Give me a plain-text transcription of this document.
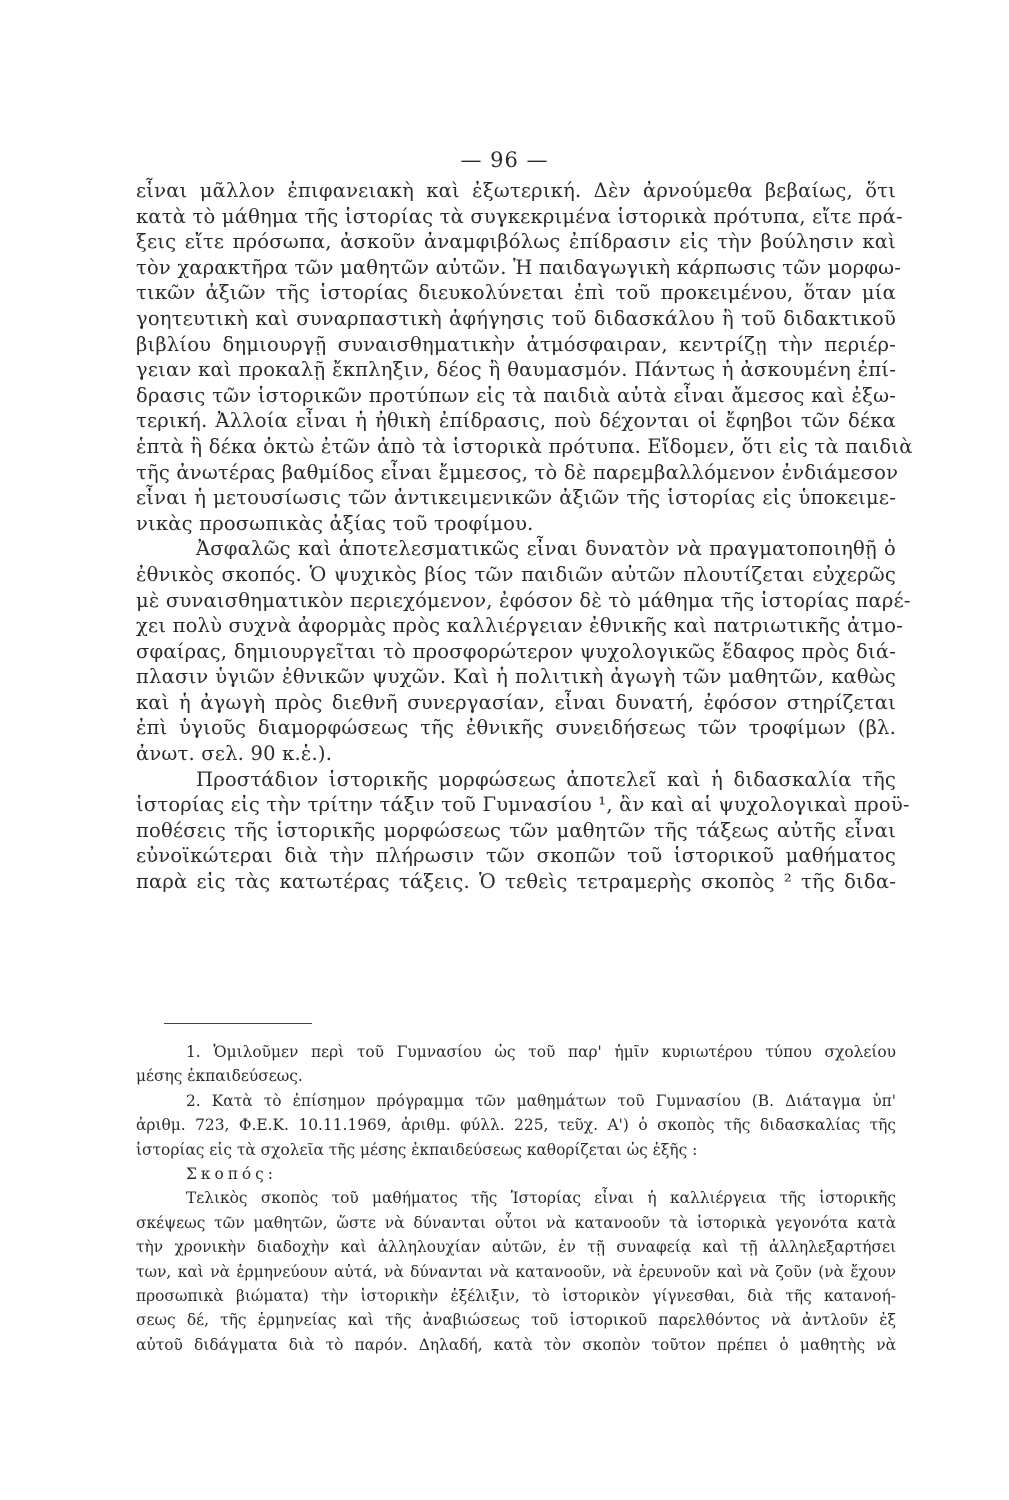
— 96 —
εἶναι μᾶλλον ἐπιφανειακὴ καὶ ἐξωτερική. Δὲν ἀρνούμεθα βεβαίως, ὅτι
κατὰ τὸ μάθημα τῆς ἱστορίας τὰ συγκεκριμένα ἱστορικὰ πρότυπα, εἴτε πρά-
ξεις εἴτε πρόσωπα, ἀσκοῦν ἀναμφιβόλως ἐπίδρασιν εἰς τὴν βούλησιν καὶ
τὸν χαρακτῆρα τῶν μαθητῶν αὐτῶν. Ἡ παιδαγωγικὴ κάρπωσις τῶν μορφω-
τικῶν ἀξιῶν τῆς ἱστορίας διευκολύνεται ἐπὶ τοῦ προκειμένου, ὅταν μία
γοητευτικὴ καὶ συναρπαστικὴ ἀφήγησις τοῦ διδασκάλου ἢ τοῦ διδακτικοῦ
βιβλίου δημιουργῇ συναισθηματικὴν ἀτμόσφαιραν, κεντρίζῃ τὴν περιέρ-
γειαν καὶ προκαλῇ ἔκπληξιν, δέος ἢ θαυμασμόν. Πάντως ἡ ἀσκουμένη ἐπί-
δρασις τῶν ἱστορικῶν προτύπων εἰς τὰ παιδιὰ αὐτὰ εἶναι ἄμεσος καὶ ἐξω-
τερική. Ἀλλοία εἶναι ἡ ἠθικὴ ἐπίδρασις, ποὺ δέχονται οἱ ἔφηβοι τῶν δέκα
ἑπτὰ ἢ δέκα ὀκτὼ ἐτῶν ἀπὸ τὰ ἱστορικὰ πρότυπα. Εἴδομεν, ὅτι εἰς τὰ παιδιὰ
τῆς ἀνωτέρας βαθμίδος εἶναι ἔμμεσος, τὸ δὲ παρεμβαλλόμενον ἐνδιάμεσον
εἶναι ἡ μετουσίωσις τῶν ἀντικειμενικῶν ἀξιῶν τῆς ἱστορίας εἰς ὑποκειμε-
νικὰς προσωπικὰς ἀξίας τοῦ τροφίμου.
Ἀσφαλῶς καὶ ἀποτελεσματικῶς εἶναι δυνατὸν νὰ πραγματοποιηθῇ ὁ
ἐθνικὸς σκοπός. Ὁ ψυχικὸς βίος τῶν παιδιῶν αὐτῶν πλουτίζεται εὐχερῶς
μὲ συναισθηματικὸν περιεχόμενον, ἐφόσον δὲ τὸ μάθημα τῆς ἱστορίας παρέ-
χει πολὺ συχνὰ ἀφορμὰς πρὸς καλλιέργειαν ἐθνικῆς καὶ πατριωτικῆς ἀτμο-
σφαίρας, δημιουργεῖται τὸ προσφορώτερον ψυχολογικῶς ἔδαφος πρὸς διά-
πλασιν ὑγιῶν ἐθνικῶν ψυχῶν. Καὶ ἡ πολιτικὴ ἀγωγὴ τῶν μαθητῶν, καθὼς
καὶ ἡ ἀγωγὴ πρὸς διεθνῆ συνεργασίαν, εἶναι δυνατή, ἐφόσον στηρίζεται
ἐπὶ ὑγιοῦς διαμορφώσεως τῆς ἐθνικῆς συνειδήσεως τῶν τροφίμων (βλ.
ἀνωτ. σελ. 90 κ.ἑ.).
Προστάδιον ἱστορικῆς μορφώσεως ἀποτελεῖ καὶ ἡ διδασκαλία τῆς
ἱστορίας εἰς τὴν τρίτην τάξιν τοῦ Γυμνασίου ¹, ἂν καὶ αἱ ψυχολογικαὶ προϋ-
ποθέσεις τῆς ἱστορικῆς μορφώσεως τῶν μαθητῶν τῆς τάξεως αὐτῆς εἶναι
εὐνοϊκώτεραι διὰ τὴν πλήρωσιν τῶν σκοπῶν τοῦ ἱστορικοῦ μαθήματος
παρὰ εἰς τὰς κατωτέρας τάξεις. Ὁ τεθεὶς τετραμερὴς σκοπὸς ² τῆς διδα-
1. Ὁμιλοῦμεν περὶ τοῦ Γυμνασίου ὡς τοῦ παρ' ἡμῖν κυριωτέρου τύπου σχολείου
μέσης ἐκπαιδεύσεως.
2. Κατὰ τὸ ἐπίσημον πρόγραμμα τῶν μαθημάτων τοῦ Γυμνασίου (Β. Διάταγμα ὑπ'
ἀριθμ. 723, Φ.Ε.Κ. 10.11.1969, ἀριθμ. φύλλ. 225, τεῦχ. Α') ὁ σκοπὸς τῆς διδασκαλίας τῆς
ἱστορίας εἰς τὰ σχολεῖα τῆς μέσης ἐκπαιδεύσεως καθορίζεται ὡς ἑξῆς :
Σκοπός:
Τελικὸς σκοπὸς τοῦ μαθήματος τῆς Ἱστορίας εἶναι ἡ καλλιέργεια τῆς ἱστορικῆς
σκέψεως τῶν μαθητῶν, ὥστε νὰ δύνανται οὗτοι νὰ κατανοοῦν τὰ ἱστορικὰ γεγονότα κατὰ
τὴν χρονικὴν διαδοχὴν καὶ ἀλληλουχίαν αὐτῶν, ἐν τῇ συναφείᾳ καὶ τῇ ἀλληλεξαρτήσει
των, καὶ νὰ ἑρμηνεύουν αὐτά, νὰ δύνανται νὰ κατανοοῦν, νὰ ἐρευνοῦν καὶ νὰ ζοῦν (νὰ ἔχουν
προσωπικὰ βιώματα) τὴν ἱστορικὴν ἐξέλιξιν, τὸ ἱστορικὸν γίγνεσθαι, διὰ τῆς κατανοή-
σεως δέ, τῆς ἑρμηνείας καὶ τῆς ἀναβιώσεως τοῦ ἱστορικοῦ παρελθόντος νὰ ἀντλοῦν ἐξ
αὐτοῦ διδάγματα διὰ τὸ παρόν. Δηλαδή, κατὰ τὸν σκοπὸν τοῦτον πρέπει ὁ μαθητὴς νὰ
